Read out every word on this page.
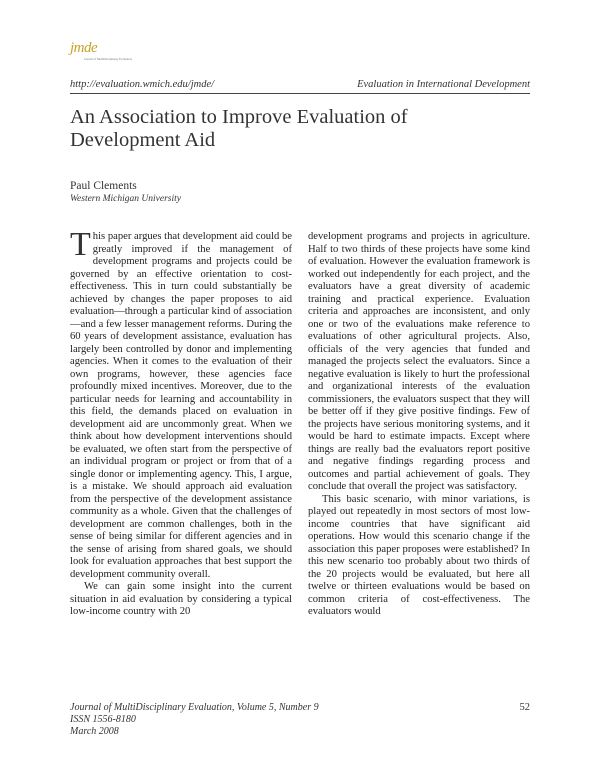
jmde
Journal of MultiDisciplinary Evaluation
http://evaluation.wmich.edu/jmde/	Evaluation in International Development
An Association to Improve Evaluation of Development Aid
Paul Clements
Western Michigan University

This paper argues that development aid could be greatly improved if the management of development programs and projects could be governed by an effective orientation to cost-effectiveness. This in turn could substantially be achieved by changes the paper proposes to aid evaluation—through a particular kind of association—and a few lesser management reforms. During the 60 years of development assistance, evaluation has largely been controlled by donor and implementing agencies. When it comes to the evaluation of their own programs, however, these agencies face profoundly mixed incentives. Moreover, due to the particular needs for learning and accountability in this field, the demands placed on evaluation in development aid are uncommonly great. When we think about how development interventions should be evaluated, we often start from the perspective of an individual program or project or from that of a single donor or implementing agency. This, I argue, is a mistake. We should approach aid evaluation from the perspective of the development assistance community as a whole. Given that the challenges of development are common challenges, both in the sense of being similar for different agencies and in the sense of arising from shared goals, we should look for evaluation approaches that best support the development community overall.

We can gain some insight into the current situation in aid evaluation by considering a typical low-income country with 20

development programs and projects in agriculture. Half to two thirds of these projects have some kind of evaluation. However the evaluation framework is worked out independently for each project, and the evaluators have a great diversity of academic training and practical experience. Evaluation criteria and approaches are inconsistent, and only one or two of the evaluations make reference to evaluations of other agricultural projects. Also, officials of the very agencies that funded and managed the projects select the evaluators. Since a negative evaluation is likely to hurt the professional and organizational interests of the evaluation commissioners, the evaluators suspect that they will be better off if they give positive findings. Few of the projects have serious monitoring systems, and it would be hard to estimate impacts. Except where things are really bad the evaluators report positive and negative findings regarding process and outcomes and partial achievement of goals. They conclude that overall the project was satisfactory.

This basic scenario, with minor variations, is played out repeatedly in most sectors of most low-income countries that have significant aid operations. How would this scenario change if the association this paper proposes were established? In this new scenario too probably about two thirds of the 20 projects would be evaluated, but here all twelve or thirteen evaluations would be based on common criteria of cost-effectiveness. The evaluators would

Journal of MultiDisciplinary Evaluation, Volume 5, Number 9
ISSN 1556-8180
March 2008
52
